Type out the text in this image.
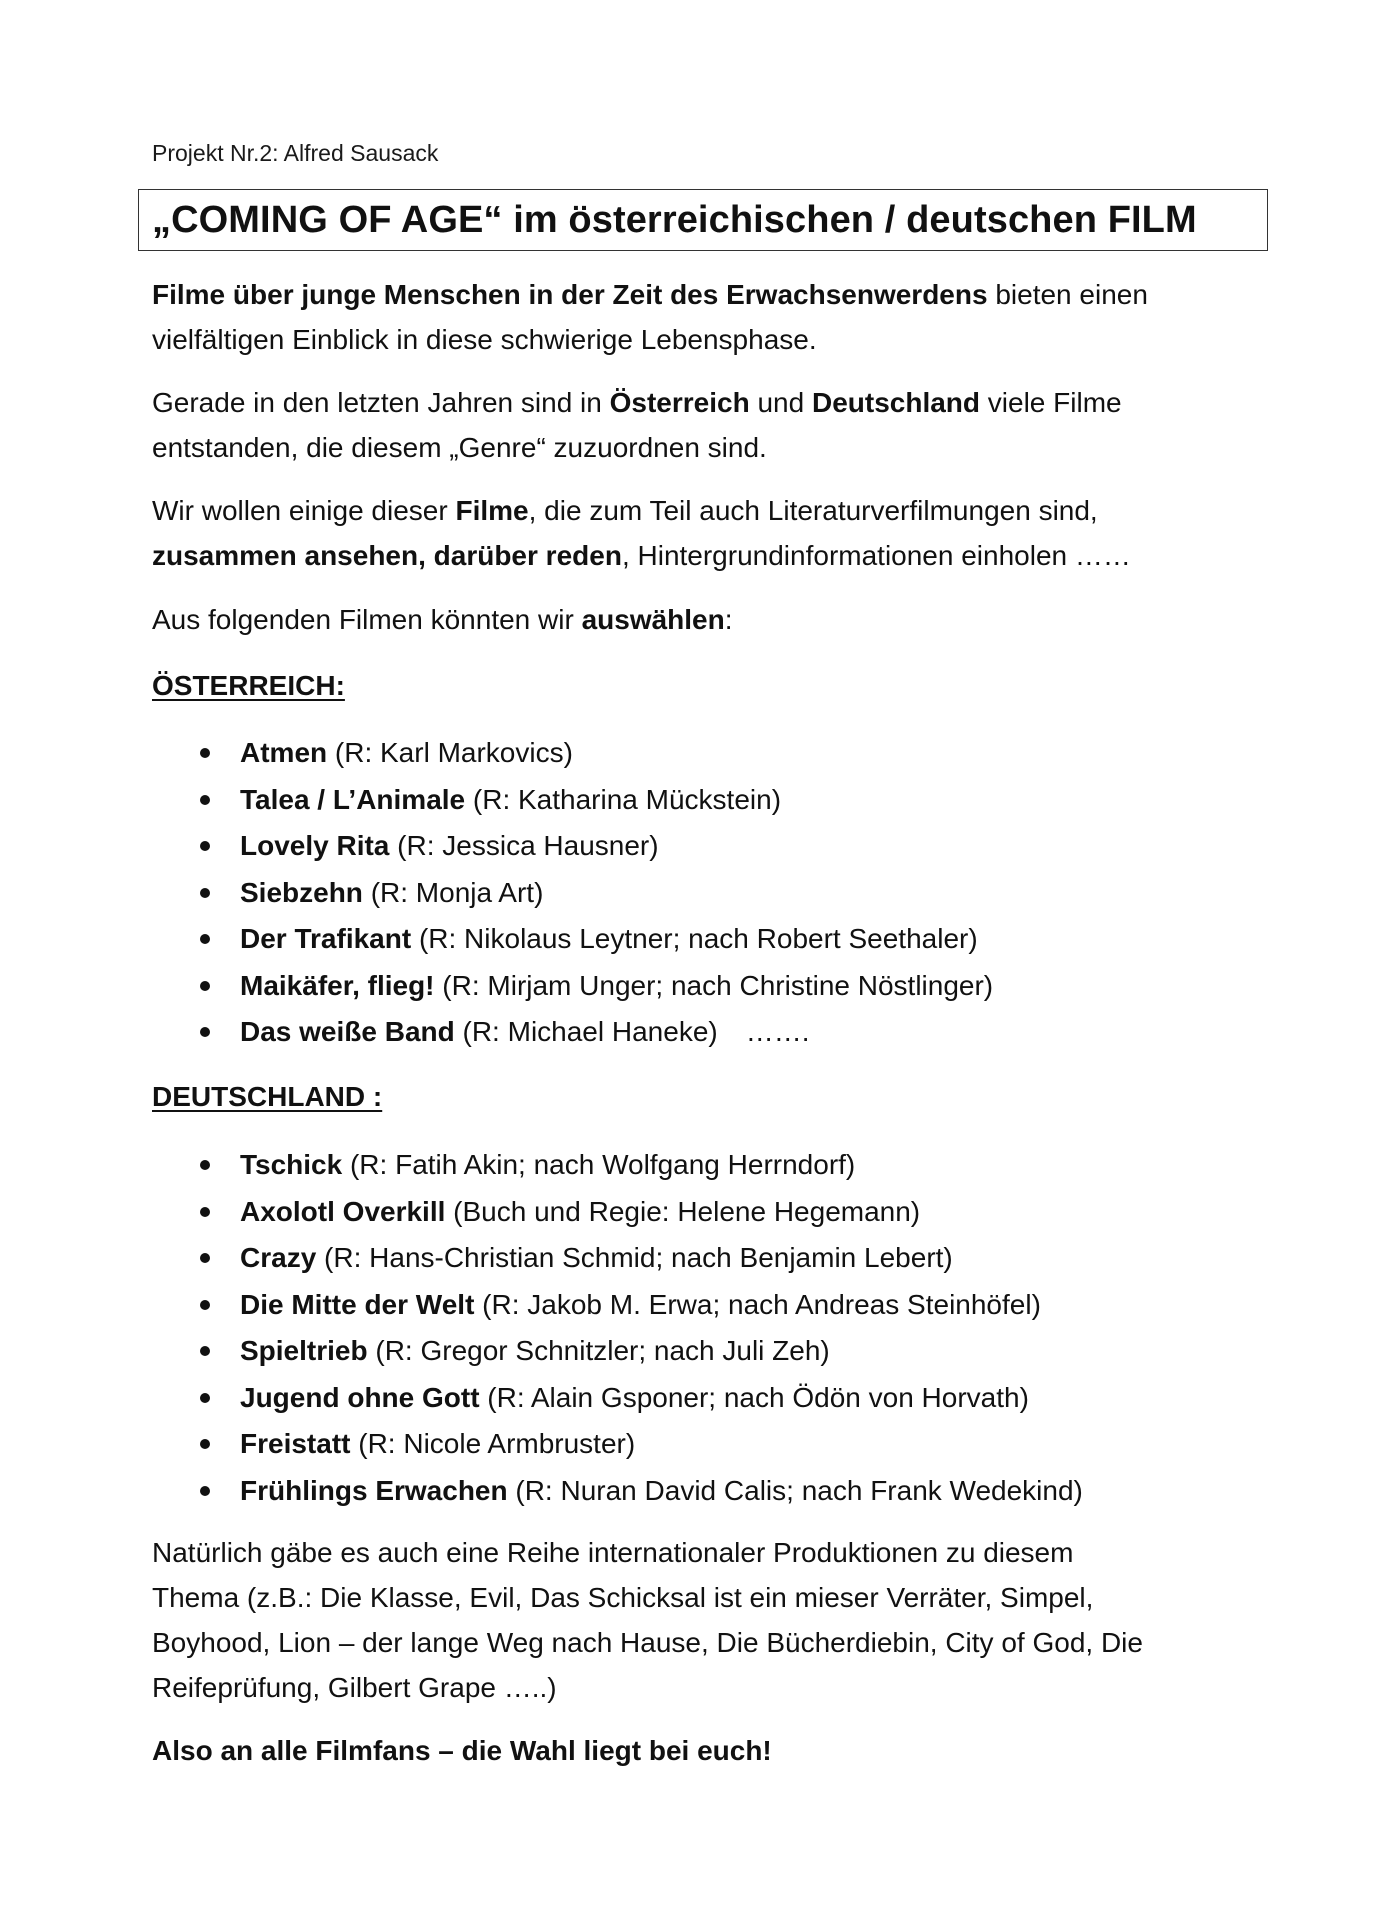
Projekt Nr.2: Alfred Sausack
„COMING OF AGE“ im österreichischen / deutschen FILM

Filme über junge Menschen in der Zeit des Erwachsenwerdens bieten einen
vielfältigen Einblick in diese schwierige Lebensphase.

Gerade in den letzten Jahren sind in Österreich und Deutschland viele Filme
entstanden, die diesem „Genre“ zuzuordnen sind.

Wir wollen einige dieser Filme, die zum Teil auch Literaturverfilmungen sind,
zusammen ansehen, darüber reden, Hintergrundinformationen einholen ……

Aus folgenden Filmen könnten wir auswählen:

ÖSTERREICH:
Atmen (R: Karl Markovics)
Talea / L’Animale (R: Katharina Mückstein)
Lovely Rita (R: Jessica Hausner)
Siebzehn (R: Monja Art)
Der Trafikant (R: Nikolaus Leytner; nach Robert Seethaler)
Maikäfer, flieg! (R: Mirjam Unger; nach Christine Nöstlinger)
Das weiße Band (R: Michael Haneke) …….
DEUTSCHLAND :
Tschick (R: Fatih Akin; nach Wolfgang Herrndorf)
Axolotl Overkill (Buch und Regie: Helene Hegemann)
Crazy (R: Hans-Christian Schmid; nach Benjamin Lebert)
Die Mitte der Welt (R: Jakob M. Erwa; nach Andreas Steinhöfel)
Spieltrieb (R: Gregor Schnitzler; nach Juli Zeh)
Jugend ohne Gott (R: Alain Gsponer; nach Ödön von Horvath)
Freistatt (R: Nicole Armbruster)
Frühlings Erwachen (R: Nuran David Calis; nach Frank Wedekind)

Natürlich gäbe es auch eine Reihe internationaler Produktionen zu diesem
Thema (z.B.: Die Klasse, Evil, Das Schicksal ist ein mieser Verräter, Simpel,
Boyhood, Lion – der lange Weg nach Hause, Die Bücherdiebin, City of God, Die
Reifeprüfung, Gilbert Grape …..)

Also an alle Filmfans – die Wahl liegt bei euch!
